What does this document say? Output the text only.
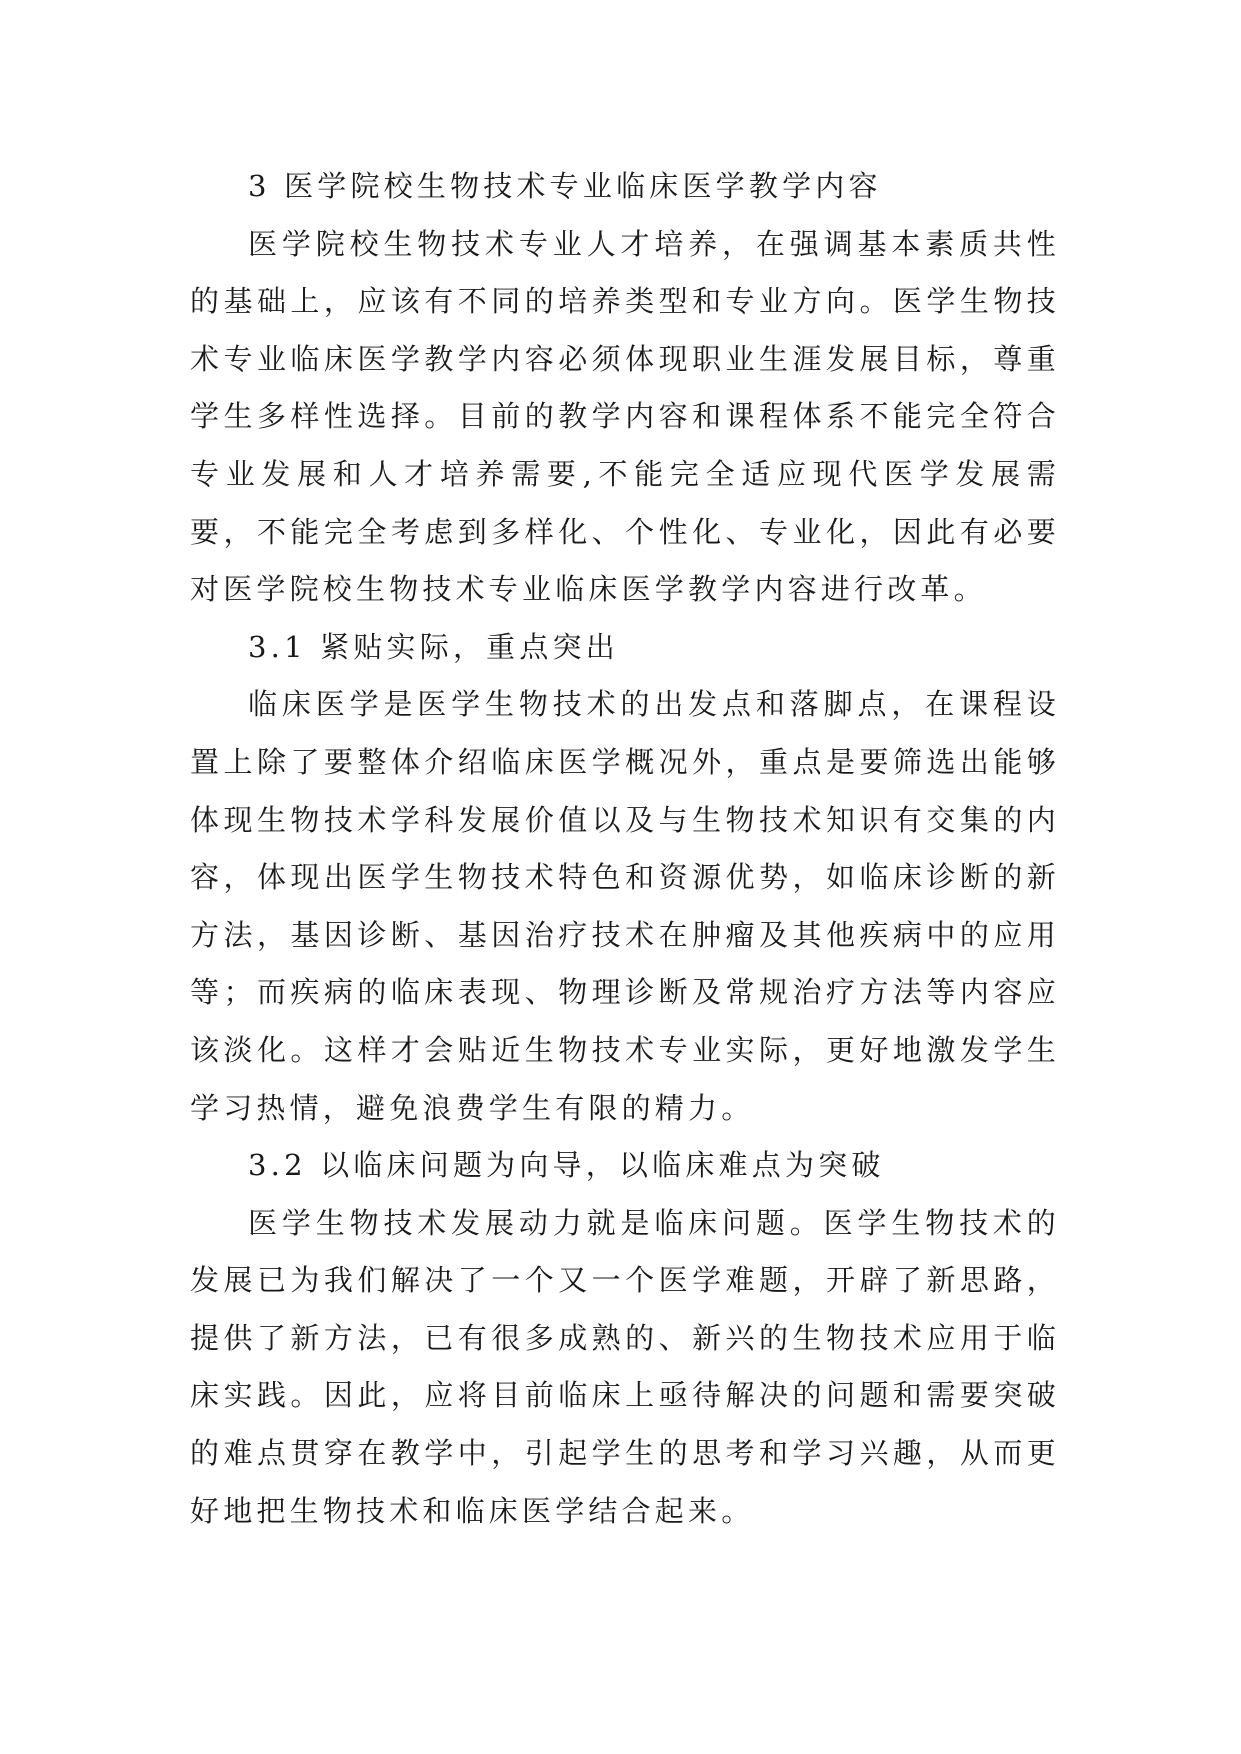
3 医学院校生物技术专业临床医学教学内容

医学院校生物技术专业人才培养，在强调基本素质共性的基础上，应该有不同的培养类型和专业方向。医学生物技术专业临床医学教学内容必须体现职业生涯发展目标，尊重学生多样性选择。目前的教学内容和课程体系不能完全符合专业发展和人才培养需要,不能完全适应现代医学发展需要，不能完全考虑到多样化、个性化、专业化，因此有必要对医学院校生物技术专业临床医学教学内容进行改革。

3.1 紧贴实际，重点突出

临床医学是医学生物技术的出发点和落脚点，在课程设置上除了要整体介绍临床医学概况外，重点是要筛选出能够体现生物技术学科发展价值以及与生物技术知识有交集的内容，体现出医学生物技术特色和资源优势，如临床诊断的新方法，基因诊断、基因治疗技术在肿瘤及其他疾病中的应用等；而疾病的临床表现、物理诊断及常规治疗方法等内容应该淡化。这样才会贴近生物技术专业实际，更好地激发学生学习热情，避免浪费学生有限的精力。

3.2 以临床问题为向导，以临床难点为突破

医学生物技术发展动力就是临床问题。医学生物技术的发展已为我们解决了一个又一个医学难题，开辟了新思路，提供了新方法，已有很多成熟的、新兴的生物技术应用于临床实践。因此，应将目前临床上亟待解决的问题和需要突破的难点贯穿在教学中，引起学生的思考和学习兴趣，从而更好地把生物技术和临床医学结合起来。
